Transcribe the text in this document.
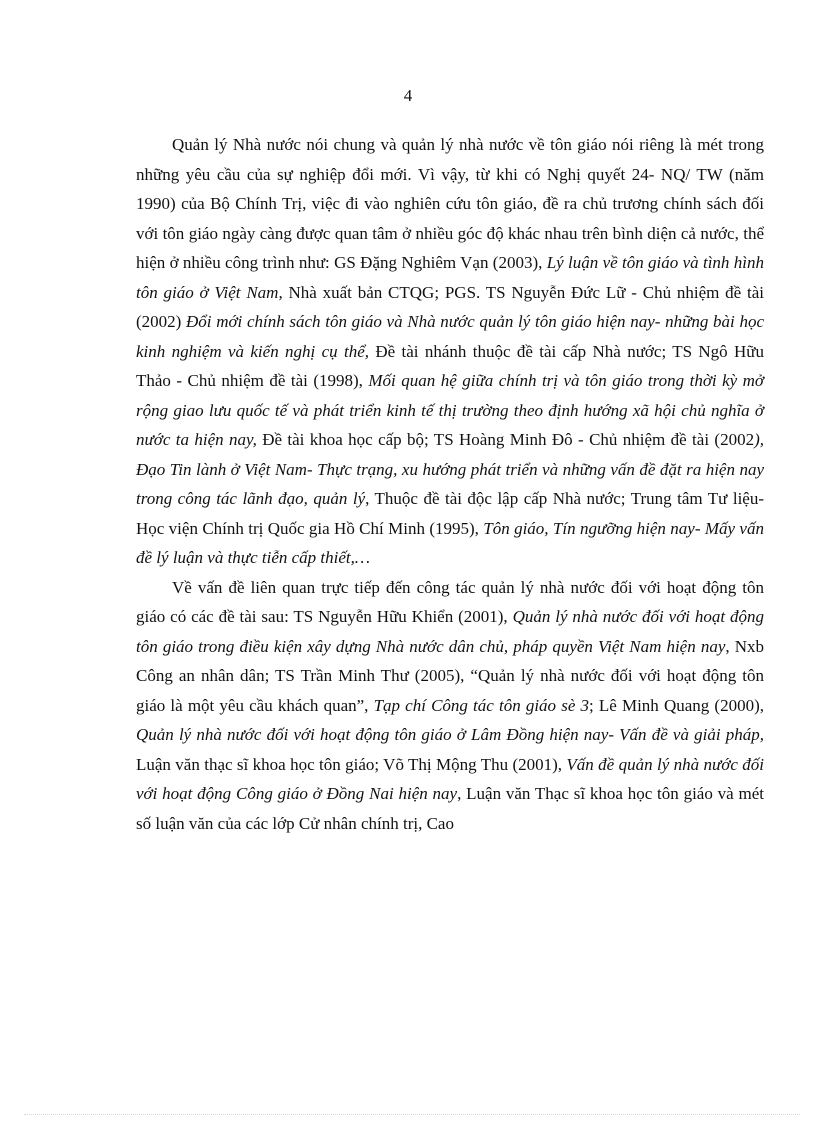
4

Quản lý Nhà nước nói chung và quản lý nhà nước về tôn giáo nói riêng là mét trong những yêu cầu của sự nghiệp đổi mới. Vì vậy, từ khi có Nghị quyết 24- NQ/ TW (năm 1990) của Bộ Chính Trị, việc đi vào nghiên cứu tôn giáo, đề ra chủ trương chính sách đối với tôn giáo ngày càng được quan tâm ở nhiều góc độ khác nhau trên bình diện cả nước, thể hiện ở nhiều công trình như: GS Đặng Nghiêm Vạn (2003), Lý luận về tôn giáo và tình hình tôn giáo ở Việt Nam, Nhà xuất bản CTQG; PGS. TS Nguyễn Đức Lữ - Chủ nhiệm đề tài (2002) Đổi mới chính sách tôn giáo và Nhà nước quản lý tôn giáo hiện nay- những bài học kinh nghiệm và kiến nghị cụ thể, Đề tài nhánh thuộc đề tài cấp Nhà nước; TS Ngô Hữu Thảo - Chủ nhiệm đề tài (1998), Mối quan hệ giữa chính trị và tôn giáo trong thời kỳ mở rộng giao lưu quốc tế và phát triển kinh tế thị trường theo định hướng xã hội chủ nghĩa ở nước ta hiện nay, Đề tài khoa học cấp bộ; TS Hoàng Minh Đô - Chủ nhiệm đề tài (2002), Đạo Tin lành ở Việt Nam- Thực trạng, xu hướng phát triển và những vấn đề đặt ra hiện nay trong công tác lãnh đạo, quản lý, Thuộc đề tài độc lập cấp Nhà nước; Trung tâm Tư liệu- Học viện Chính trị Quốc gia Hồ Chí Minh (1995), Tôn giáo, Tín ngưỡng hiện nay- Mấy vấn đề lý luận và thực tiễn cấp thiết,…

Về vấn đề liên quan trực tiếp đến công tác quản lý nhà nước đối với hoạt động tôn giáo có các đề tài sau: TS Nguyễn Hữu Khiển (2001), Quản lý nhà nước đối với hoạt động tôn giáo trong điều kiện xây dựng Nhà nước dân chủ, pháp quyền Việt Nam hiện nay, Nxb Công an nhân dân; TS Trần Minh Thư (2005), “Quản lý nhà nước đối với hoạt động tôn giáo là một yêu cầu khách quan”, Tạp chí Công tác tôn giáo sè 3; Lê Minh Quang (2000), Quản lý nhà nước đối với hoạt động tôn giáo ở Lâm Đồng hiện nay- Vấn đề và giải pháp, Luận văn thạc sĩ khoa học tôn giáo; Võ Thị Mộng Thu (2001), Vấn đề quản lý nhà nước đối với hoạt động Công giáo ở Đồng Nai hiện nay, Luận văn Thạc sĩ khoa học tôn giáo và mét số luận văn của các lớp Cử nhân chính trị, Cao
